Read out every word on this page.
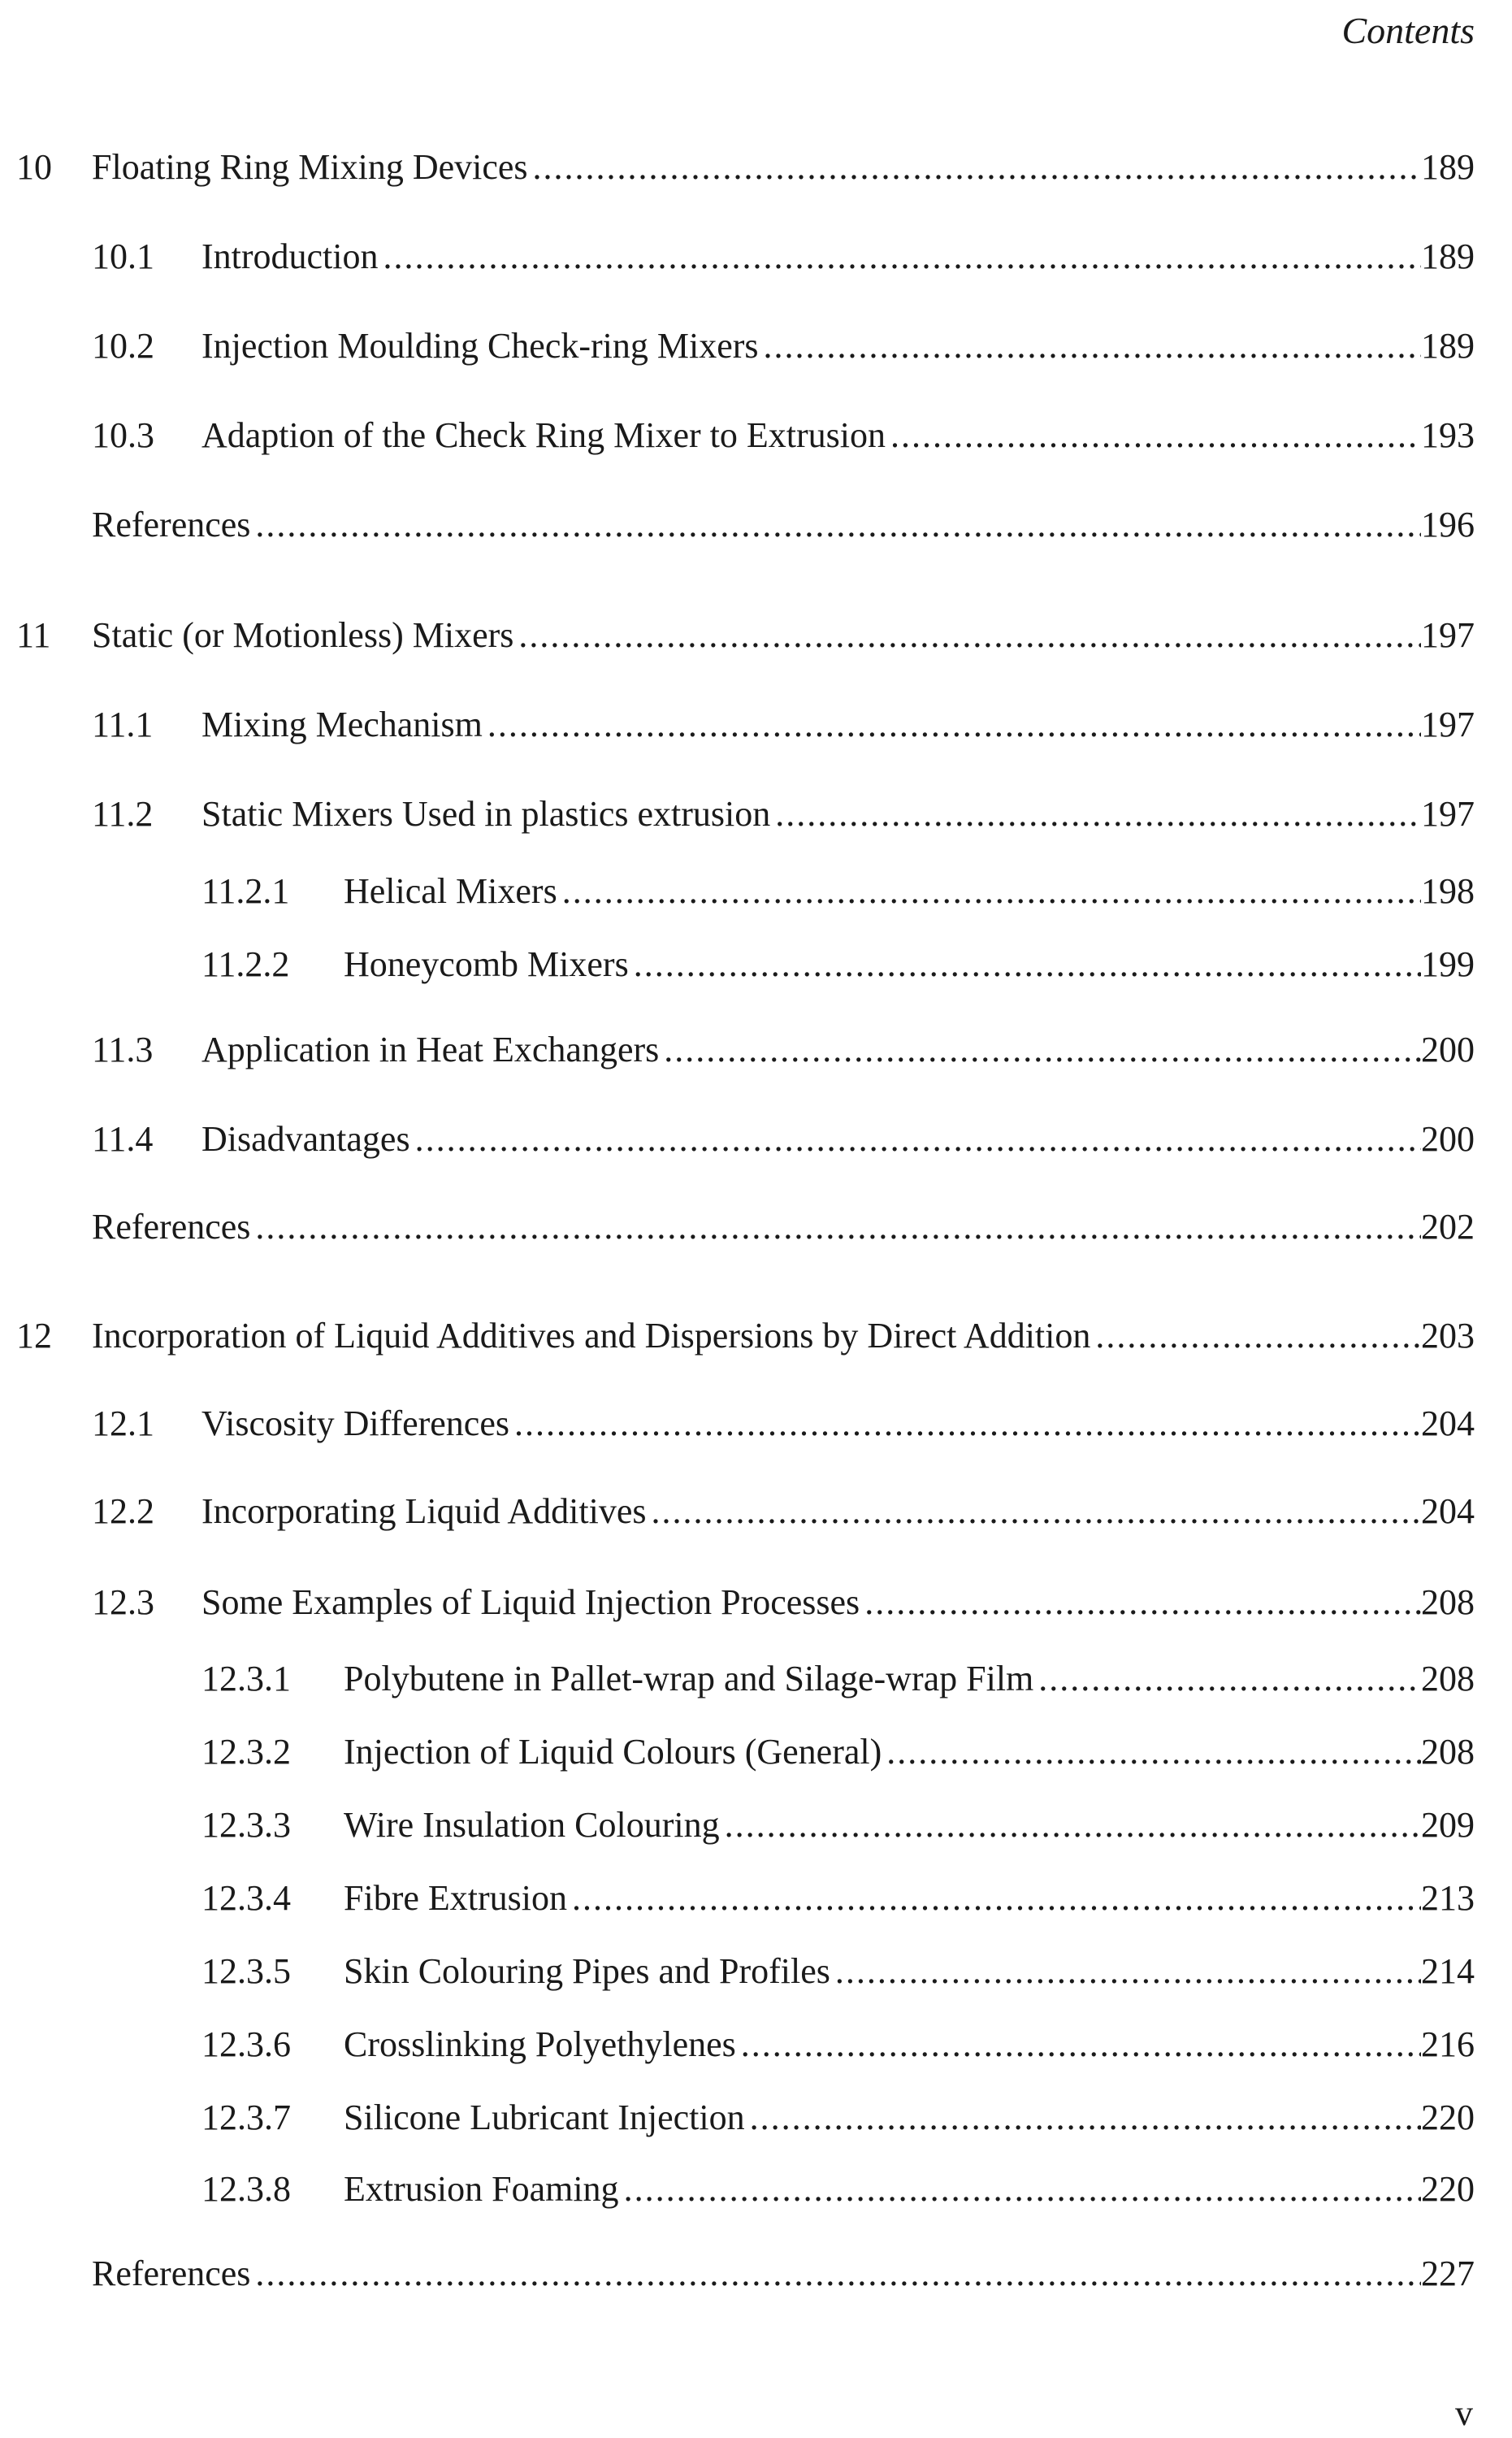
Contents
10 Floating Ring Mixing Devices .....	189
10.1 Introduction .....	189
10.2 Injection Moulding Check-ring Mixers .....	189
10.3 Adaption of the Check Ring Mixer to Extrusion .....	193
References .....	196
11 Static (or Motionless) Mixers .....	197
11.1 Mixing Mechanism .....	197
11.2 Static Mixers Used in plastics extrusion .....	197
11.2.1 Helical Mixers .....	198
11.2.2 Honeycomb Mixers .....	199
11.3 Application in Heat Exchangers .....	200
11.4 Disadvantages .....	200
References .....	202
12 Incorporation of Liquid Additives and Dispersions by Direct Addition .....	203
12.1 Viscosity Differences .....	204
12.2 Incorporating Liquid Additives .....	204
12.3 Some Examples of Liquid Injection Processes .....	208
12.3.1 Polybutene in Pallet-wrap and Silage-wrap Film .....	208
12.3.2 Injection of Liquid Colours (General) .....	208
12.3.3 Wire Insulation Colouring .....	209
12.3.4 Fibre Extrusion .....	213
12.3.5 Skin Colouring Pipes and Profiles .....	214
12.3.6 Crosslinking Polyethylenes .....	216
12.3.7 Silicone Lubricant Injection .....	220
12.3.8 Extrusion Foaming .....	220
References .....	227
v
